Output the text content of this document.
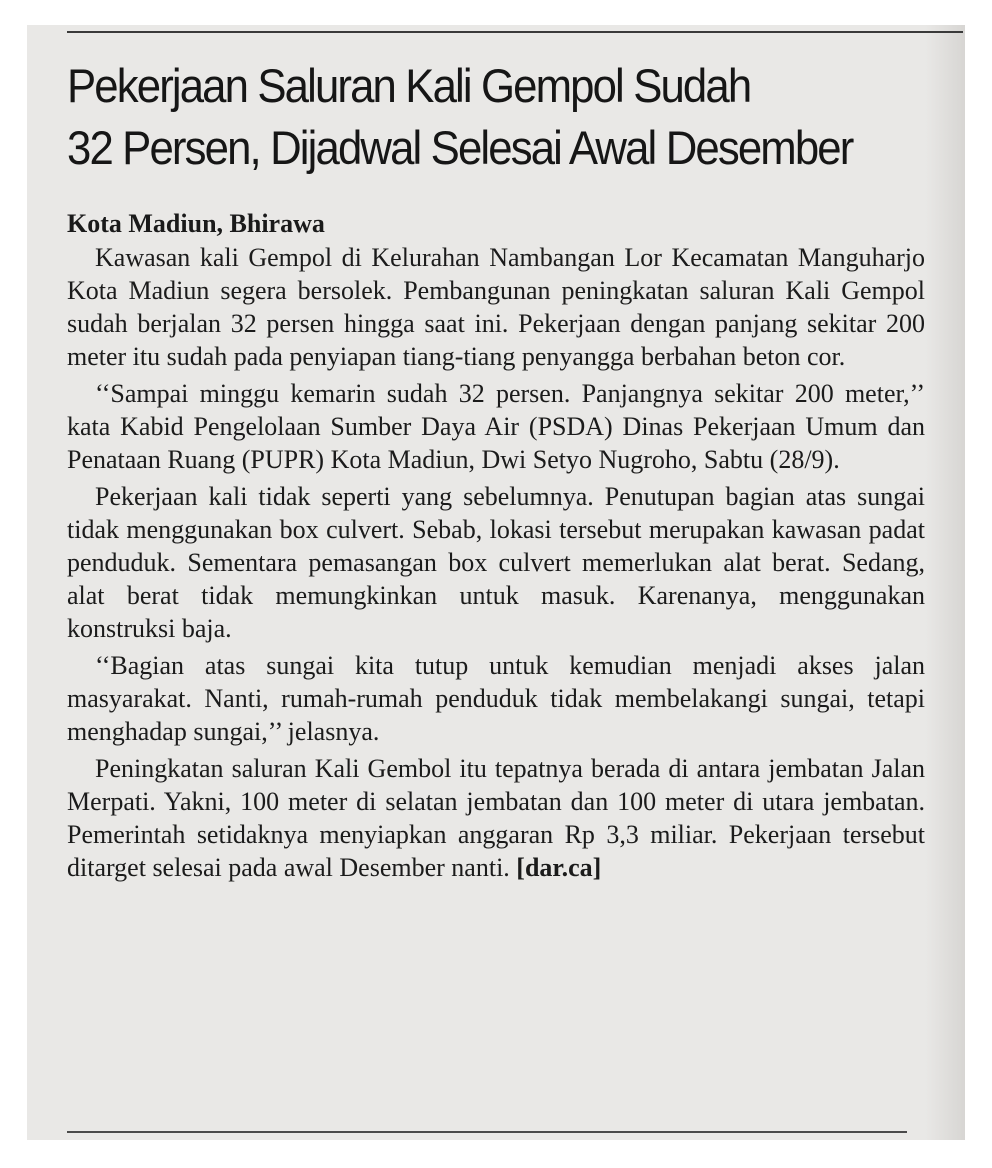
Pekerjaan Saluran Kali Gempol Sudah
32 Persen, Dijadwal Selesai Awal Desember

Kota Madiun, Bhirawa

Kawasan kali Gempol di Kelurahan Nambangan Lor Kecamatan Manguharjo Kota Madiun segera bersolek. Pembangunan peningkatan saluran Kali Gempol sudah berjalan 32 persen hingga saat ini. Pekerjaan dengan panjang sekitar 200 meter itu sudah pada penyiapan tiang-tiang penyangga berbahan beton cor.

‘‘Sampai minggu kemarin sudah 32 persen. Panjangnya sekitar 200 meter,’’ kata Kabid Pengelolaan Sumber Daya Air (PSDA) Dinas Pekerjaan Umum dan Penataan Ruang (PUPR) Kota Madiun, Dwi Setyo Nugroho, Sabtu (28/9).

Pekerjaan kali tidak seperti yang sebelumnya. Penutupan bagian atas sungai tidak menggunakan box culvert. Sebab, lokasi tersebut merupakan kawasan padat penduduk. Sementara pemasangan box culvert memerlukan alat berat. Sedang, alat berat tidak memungkinkan untuk masuk. Karenanya, menggunakan konstruksi baja.

‘‘Bagian atas sungai kita tutup untuk kemudian menjadi akses jalan masyarakat. Nanti, rumah-rumah penduduk tidak membelakangi sungai, tetapi menghadap sungai,’’ jelasnya.

Peningkatan saluran Kali Gembol itu tepatnya berada di antara jembatan Jalan Merpati. Yakni, 100 meter di selatan jembatan dan 100 meter di utara jembatan. Pemerintah setidaknya menyiapkan anggaran Rp 3,3 miliar. Pekerjaan tersebut ditarget selesai pada awal Desember nanti. [dar.ca]
